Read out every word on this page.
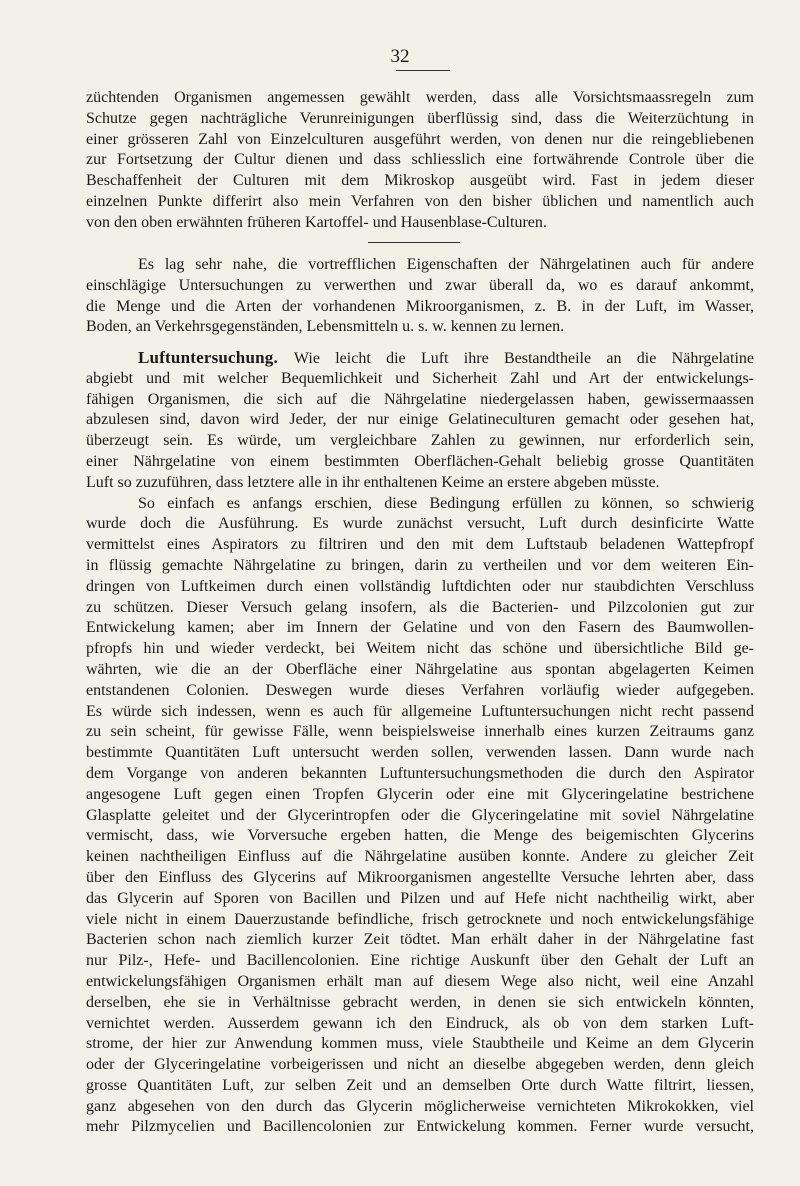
32
züchtenden Organismen angemessen gewählt werden, dass alle Vorsichtsmaassregeln zum
Schutze gegen nachträgliche Verunreinigungen überflüssig sind, dass die Weiterzüchtung in
einer grösseren Zahl von Einzelculturen ausgeführt werden, von denen nur die reingebliebenen
zur Fortsetzung der Cultur dienen und dass schliesslich eine fortwährende Controle über die
Beschaffenheit der Culturen mit dem Mikroskop ausgeübt wird. Fast in jedem dieser
einzelnen Punkte differirt also mein Verfahren von den bisher üblichen und namentlich auch
von den oben erwähnten früheren Kartoffel- und Hausenblase-Culturen.
Es lag sehr nahe, die vortrefflichen Eigenschaften der Nährgelatinen auch für andere
einschlägige Untersuchungen zu verwerthen und zwar überall da, wo es darauf ankommt,
die Menge und die Arten der vorhandenen Mikroorganismen, z. B. in der Luft, im Wasser,
Boden, an Verkehrsgegenständen, Lebensmitteln u. s. w. kennen zu lernen.
Luftuntersuchung.  Wie leicht die Luft ihre Bestandtheile an die Nährgelatine
abgiebt und mit welcher Bequemlichkeit und Sicherheit Zahl und Art der entwickelungs-
fähigen Organismen, die sich auf die Nährgelatine niedergelassen haben, gewissermaassen
abzulesen sind, davon wird Jeder, der nur einige Gelatineculturen gemacht oder gesehen hat,
überzeugt sein. Es würde, um vergleichbare Zahlen zu gewinnen, nur erforderlich sein,
einer Nährgelatine von einem bestimmten Oberflächen-Gehalt beliebig grosse Quantitäten
Luft so zuzuführen, dass letztere alle in ihr enthaltenen Keime an erstere abgeben müsste.
So einfach es anfangs erschien, diese Bedingung erfüllen zu können, so schwierig
wurde doch die Ausführung. Es wurde zunächst versucht, Luft durch desinficirte Watte
vermittelst eines Aspirators zu filtriren und den mit dem Luftstaub beladenen Wattepfropf
in flüssig gemachte Nährgelatine zu bringen, darin zu vertheilen und vor dem weiteren Ein-
dringen von Luftkeimen durch einen vollständig luftdichten oder nur staubdichten Verschluss
zu schützen. Dieser Versuch gelang insofern, als die Bacterien- und Pilzcolonien gut zur
Entwickelung kamen; aber im Innern der Gelatine und von den Fasern des Baumwollen-
pfropfs hin und wieder verdeckt, bei Weitem nicht das schöne und übersichtliche Bild ge-
währten, wie die an der Oberfläche einer Nährgelatine aus spontan abgelagerten Keimen
entstandenen Colonien. Deswegen wurde dieses Verfahren vorläufig wieder aufgegeben.
Es würde sich indessen, wenn es auch für allgemeine Luftuntersuchungen nicht recht passend
zu sein scheint, für gewisse Fälle, wenn beispielsweise innerhalb eines kurzen Zeitraums ganz
bestimmte Quantitäten Luft untersucht werden sollen, verwenden lassen. Dann wurde nach
dem Vorgange von anderen bekannten Luftuntersuchungsmethoden die durch den Aspirator
angesogene Luft gegen einen Tropfen Glycerin oder eine mit Glyceringelatine bestrichene
Glasplatte geleitet und der Glycerintropfen oder die Glyceringelatine mit soviel Nährgelatine
vermischt, dass, wie Vorversuche ergeben hatten, die Menge des beigemischten Glycerins
keinen nachtheiligen Einfluss auf die Nährgelatine ausüben konnte. Andere zu gleicher Zeit
über den Einfluss des Glycerins auf Mikroorganismen angestellte Versuche lehrten aber, dass
das Glycerin auf Sporen von Bacillen und Pilzen und auf Hefe nicht nachtheilig wirkt, aber
viele nicht in einem Dauerzustande befindliche, frisch getrocknete und noch entwickelungsfähige
Bacterien schon nach ziemlich kurzer Zeit tödtet. Man erhält daher in der Nährgelatine fast
nur Pilz-, Hefe- und Bacillencolonien. Eine richtige Auskunft über den Gehalt der Luft an
entwickelungsfähigen Organismen erhält man auf diesem Wege also nicht, weil eine Anzahl
derselben, ehe sie in Verhältnisse gebracht werden, in denen sie sich entwickeln könnten,
vernichtet werden. Ausserdem gewann ich den Eindruck, als ob von dem starken Luft-
strome, der hier zur Anwendung kommen muss, viele Staubtheile und Keime an dem Glycerin
oder der Glyceringelatine vorbeigerissen und nicht an dieselbe abgegeben werden, denn gleich
grosse Quantitäten Luft, zur selben Zeit und an demselben Orte durch Watte filtrirt, liessen,
ganz abgesehen von den durch das Glycerin möglicherweise vernichteten Mikrokokken, viel
mehr Pilzmycelien und Bacillencolonien zur Entwickelung kommen. Ferner wurde versucht,
